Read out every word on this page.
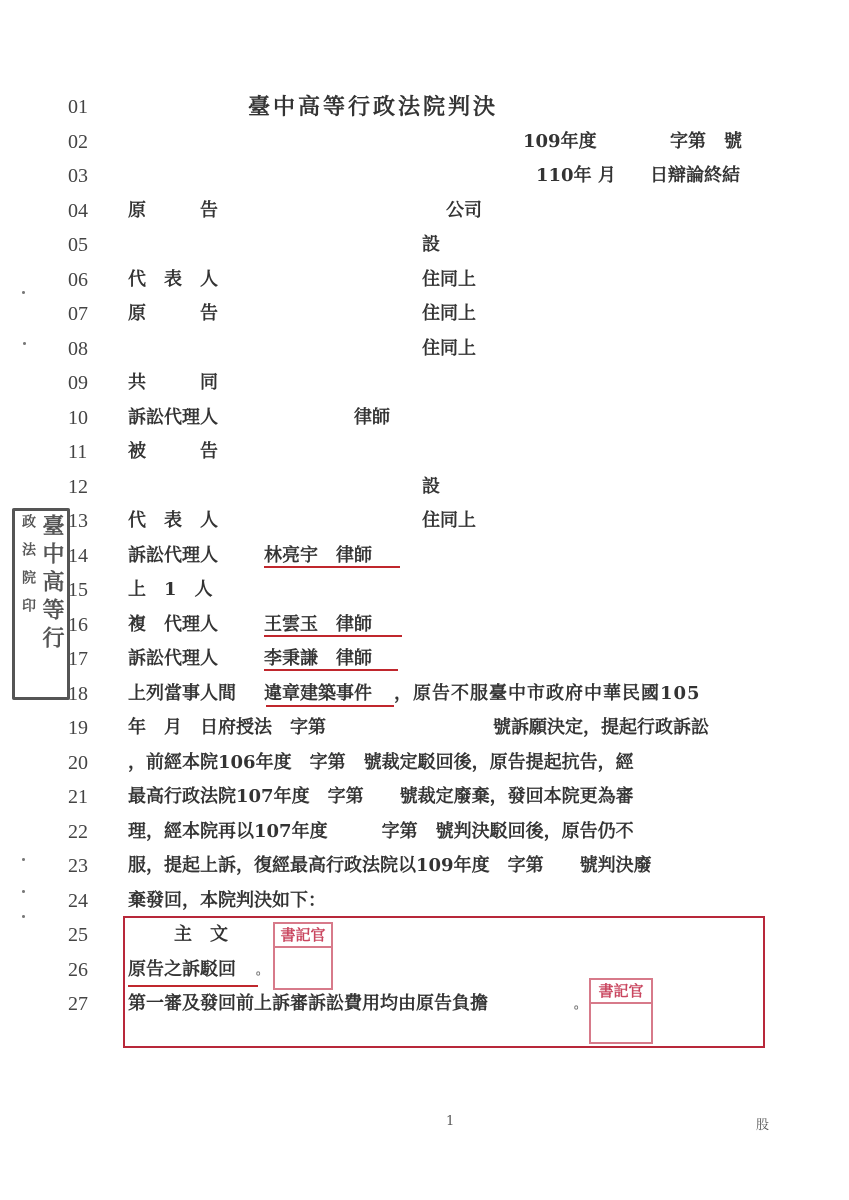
01
02
03
04
05
06
07
08
09
10
11
12
13
14
15
16
17
18
19
20
21
22
23
24
25
26
27
臺中高等行政法院判決
109年度	字第　號
110年 月 日辯論終結
原　　　告	公司
設
代　表　人	住同上
原　　　告	住同上
住同上
共　　　同
訴訟代理人	律師
被　　　告
設
代　表　人	住同上
訴訟代理人	林亮宇　律師
上　1　人
複　代理人	王雲玉　律師
訴訟代理人	李秉謙　律師
上列當事人間 違章建築事件 ，原告不服臺中市政府中華民國105
年　月　日府授法　字第	號訴願決定，提起行政訴訟
，前經本院106年度　字第　號裁定駁回後，原告提起抗告，經
最高行政法院107年度　字第　　號裁定廢棄，發回本院更為審
理，經本院再以107年度　　　字第　號判決駁回後，原告仍不
服，提起上訴，復經最高行政法院以109年度　字第　　號判決廢
棄發回，本院判決如下：
主　文
原告之訴駁回 。
第一審及發回前上訴審訴訟費用均由原告負擔	。
書記官
書記官
臺中高等行
政法院印
1	股
